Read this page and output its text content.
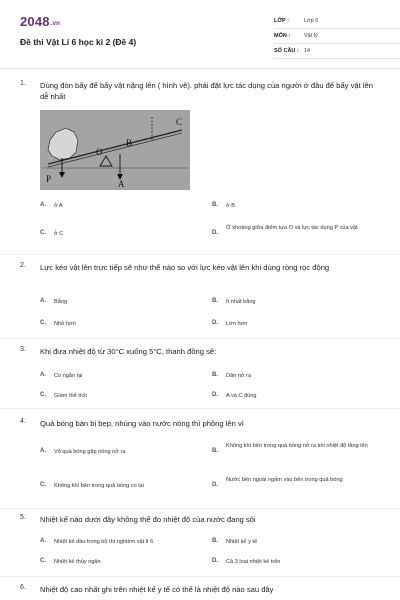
2048.vn
Đề thi Vật Lí 6 học kì 2 (Đề 4)
LỚP :	Lớp 6
MÔN :	Vật lý
SỐ CÂU : 14
1. Dùng đòn bẩy để bẩy vật nặng lên ( hình vẽ). phải đặt lực tác dụng của người ở đâu để bẩy vật lên dễ nhất
B
C
O
P	A
A. ở A	B. ở B
C. ở C	D.
Ở khoảng giữa điểm tựa O và lực tác dụng P của vật
2. Lực kéo vật lên trực tiếp sẽ như thế nào so với lực kéo vật lên khi dùng ròng rọc động
A. Bằng	B. Ít nhất bằng
C. Nhỏ hơn	D. Lớn hơn
3. Khi đưa nhiệt độ từ 30°C xuống 5°C, thanh đồng sẽ:
A. Co ngắn lại	B. Dãn nở ra
C. Giảm thể tích	D. A và C đúng
4. Quả bóng bàn bị bẹp, nhúng vào nước nóng thì phồng lên vì
A. Vỏ quả bóng gặp nóng nở ra	B.
Không khí bên trong quả bóng nở ra khi nhiệt độ tăng lên
C. Không khí bên trong quả bóng co lại	D.
Nước bên ngoài ngấm vào bên trong quả bóng
5. Nhiệt kế nào dưới đây không thể đo nhiệt độ của nước đang sôi
A. Nhiệt kế dầu trong bộ thí nghiệm vật lí 6	B. Nhiệt kế y tế
C. Nhiệt kế thủy ngân	D. Cả 3 loại nhiệt kế trên
6. Nhiệt độ cao nhất ghi trên nhiệt kế y tế có thể là nhiệt độ nào sau đây
